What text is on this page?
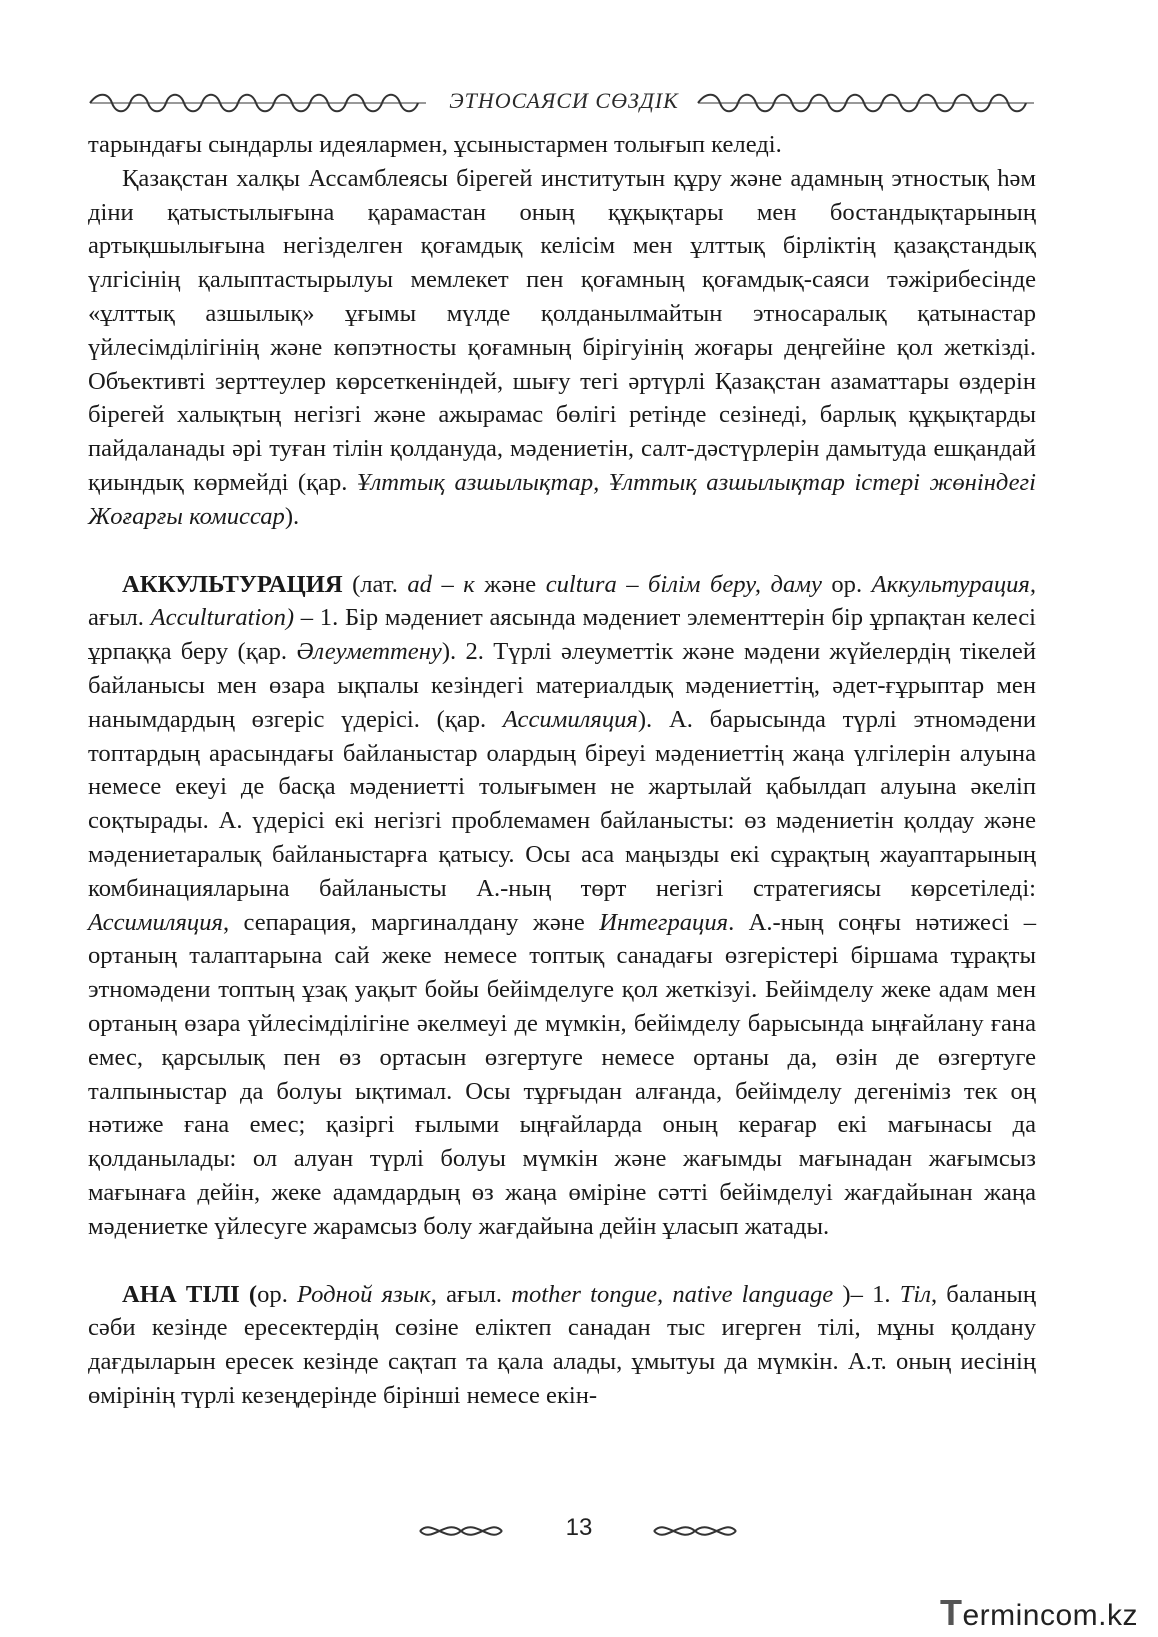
ЭТНОСАЯСИ СӨЗДІК

тарындағы сындарлы идеялармен, ұсыныстармен толығып келеді.

Қазақстан халқы Ассамблеясы бірегей институтын құру және адамның этностық һәм діни қатыстылығына қарамастан оның құқықтары мен бостандықтарының артықшылығына негізделген қоғамдық келісім мен ұлттық бірліктің қазақстандық үлгісінің қалыптастырылуы мемлекет пен қоғамның қоғамдық-саяси тәжірибесінде «ұлттық азшылық» ұғымы мүлде қолданылмайтын этносаралық қатынастар үйлесімділігінің және көпэтносты қоғамның бірігуінің жоғары деңгейіне қол жеткізді. Объективті зерттеулер көрсеткеніндей, шығу тегі әртүрлі Қазақстан азаматтары өздерін бірегей халықтың негізгі және ажырамас бөлігі ретінде сезінеді, барлық құқықтарды пайдаланады әрі туған тілін қолдануда, мәдениетін, салт-дәстүрлерін дамытуда ешқандай қиындық көрмейді (қар. Ұлттық азшылықтар, Ұлттық азшылықтар істері жөніндегі Жоғарғы комиссар).

АККУЛЬТУРАЦИЯ (лат. ad – к және cultura – білім беру, даму ор. Аккультурация, ағыл. Acculturation) – 1. Бір мәдениет аясында мәдениет элементтерін бір ұрпақтан келесі ұрпаққа беру (қар. Әлеуметтену). 2. Түрлі әлеуметтік және мәдени жүйелердің тікелей байланысы мен өзара ықпалы кезіндегі материалдық мәдениеттің, әдет-ғұрыптар мен нанымдардың өзгеріс үдерісі. (қар. Ассимиляция). А. барысында түрлі этномәдени топтардың арасындағы байланыстар олардың біреуі мәдениеттің жаңа үлгілерін алуына немесе екеуі де басқа мәдениетті толығымен не жартылай қабылдап алуына әкеліп соқтырады. А. үдерісі екі негізгі проблемамен байланысты: өз мәдениетін қолдау және мәдениетаралық байланыстарға қатысу. Осы аса маңызды екі сұрақтың жауаптарының комбинацияларына байланысты А.-ның төрт негізгі стратегиясы көрсетіледі: Ассимиляция, сепарация, маргиналдану және Интеграция. А.-ның соңғы нәтижесі – ортаның талаптарына сай жеке немесе топтық санадағы өзгерістері біршама тұрақты этномәдени топтың ұзақ уақыт бойы бейімделуге қол жеткізуі. Бейімделу жеке адам мен ортаның өзара үйлесімділігіне әкелмеуі де мүмкін, бейімделу барысында ыңғайлану ғана емес, қарсылық пен өз ортасын өзгертуге немесе ортаны да, өзін де өзгертуге талпыныстар да болуы ықтимал. Осы тұрғыдан алғанда, бейімделу дегеніміз тек оң нәтиже ғана емес; қазіргі ғылыми ыңғайларда оның керағар екі мағынасы да қолданылады: ол алуан түрлі болуы мүмкін және жағымды мағынадан жағымсыз мағынаға дейін, жеке адамдардың өз жаңа өміріне сәтті бейімделуі жағдайынан жаңа мәдениетке үйлесуге жарамсыз болу жағдайына дейін ұласып жатады.

АНА ТІЛІ (ор. Родной язык, ағыл. mother tongue, native language )– 1. Тіл, баланың сәби кезінде ересектердің сөзіне еліктеп санадан тыс игерген тілі, мұны қолдану дағдыларын ересек кезінде сақтап та қала алады, ұмытуы да мүмкін. А.т. оның иесінің өмірінің түрлі кезеңдерінде бірінші немесе екін-

13
Termincom.kz
